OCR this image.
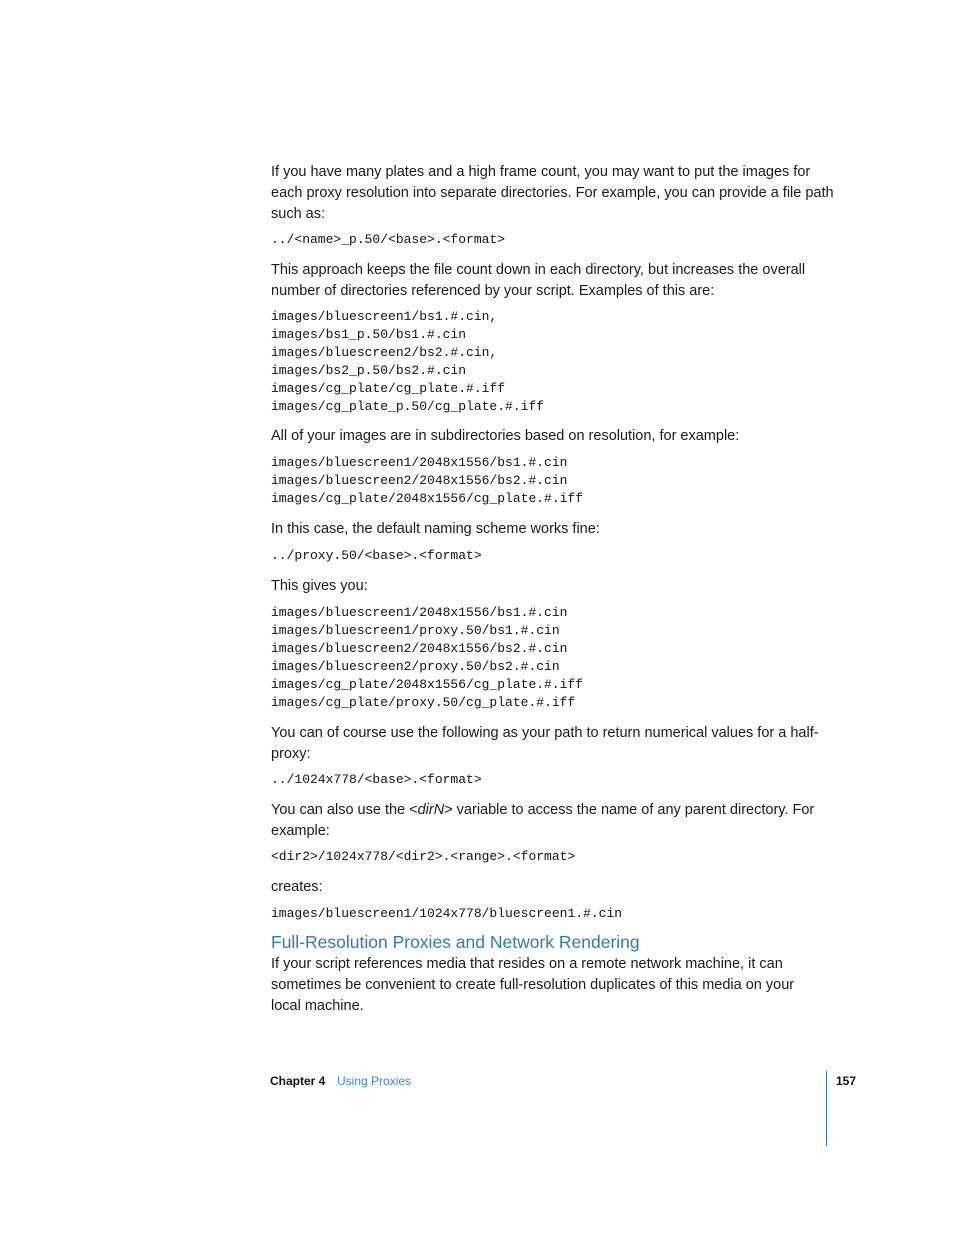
If you have many plates and a high frame count, you may want to put the images for
each proxy resolution into separate directories. For example, you can provide a file path
such as:
../<name>_p.50/<base>.<format>
This approach keeps the file count down in each directory, but increases the overall
number of directories referenced by your script. Examples of this are:
images/bluescreen1/bs1.#.cin,
images/bs1_p.50/bs1.#.cin
images/bluescreen2/bs2.#.cin,
images/bs2_p.50/bs2.#.cin
images/cg_plate/cg_plate.#.iff
images/cg_plate_p.50/cg_plate.#.iff
All of your images are in subdirectories based on resolution, for example:
images/bluescreen1/2048x1556/bs1.#.cin
images/bluescreen2/2048x1556/bs2.#.cin
images/cg_plate/2048x1556/cg_plate.#.iff
In this case, the default naming scheme works fine:
../proxy.50/<base>.<format>
This gives you:
images/bluescreen1/2048x1556/bs1.#.cin
images/bluescreen1/proxy.50/bs1.#.cin
images/bluescreen2/2048x1556/bs2.#.cin
images/bluescreen2/proxy.50/bs2.#.cin
images/cg_plate/2048x1556/cg_plate.#.iff
images/cg_plate/proxy.50/cg_plate.#.iff
You can of course use the following as your path to return numerical values for a half-
proxy:
../1024x778/<base>.<format>
You can also use the <dirN> variable to access the name of any parent directory. For
example:
<dir2>/1024x778/<dir2>.<range>.<format>
creates:
images/bluescreen1/1024x778/bluescreen1.#.cin
Full-Resolution Proxies and Network Rendering
If your script references media that resides on a remote network machine, it can
sometimes be convenient to create full-resolution duplicates of this media on your
local machine.
Chapter 4 Using Proxies	157
